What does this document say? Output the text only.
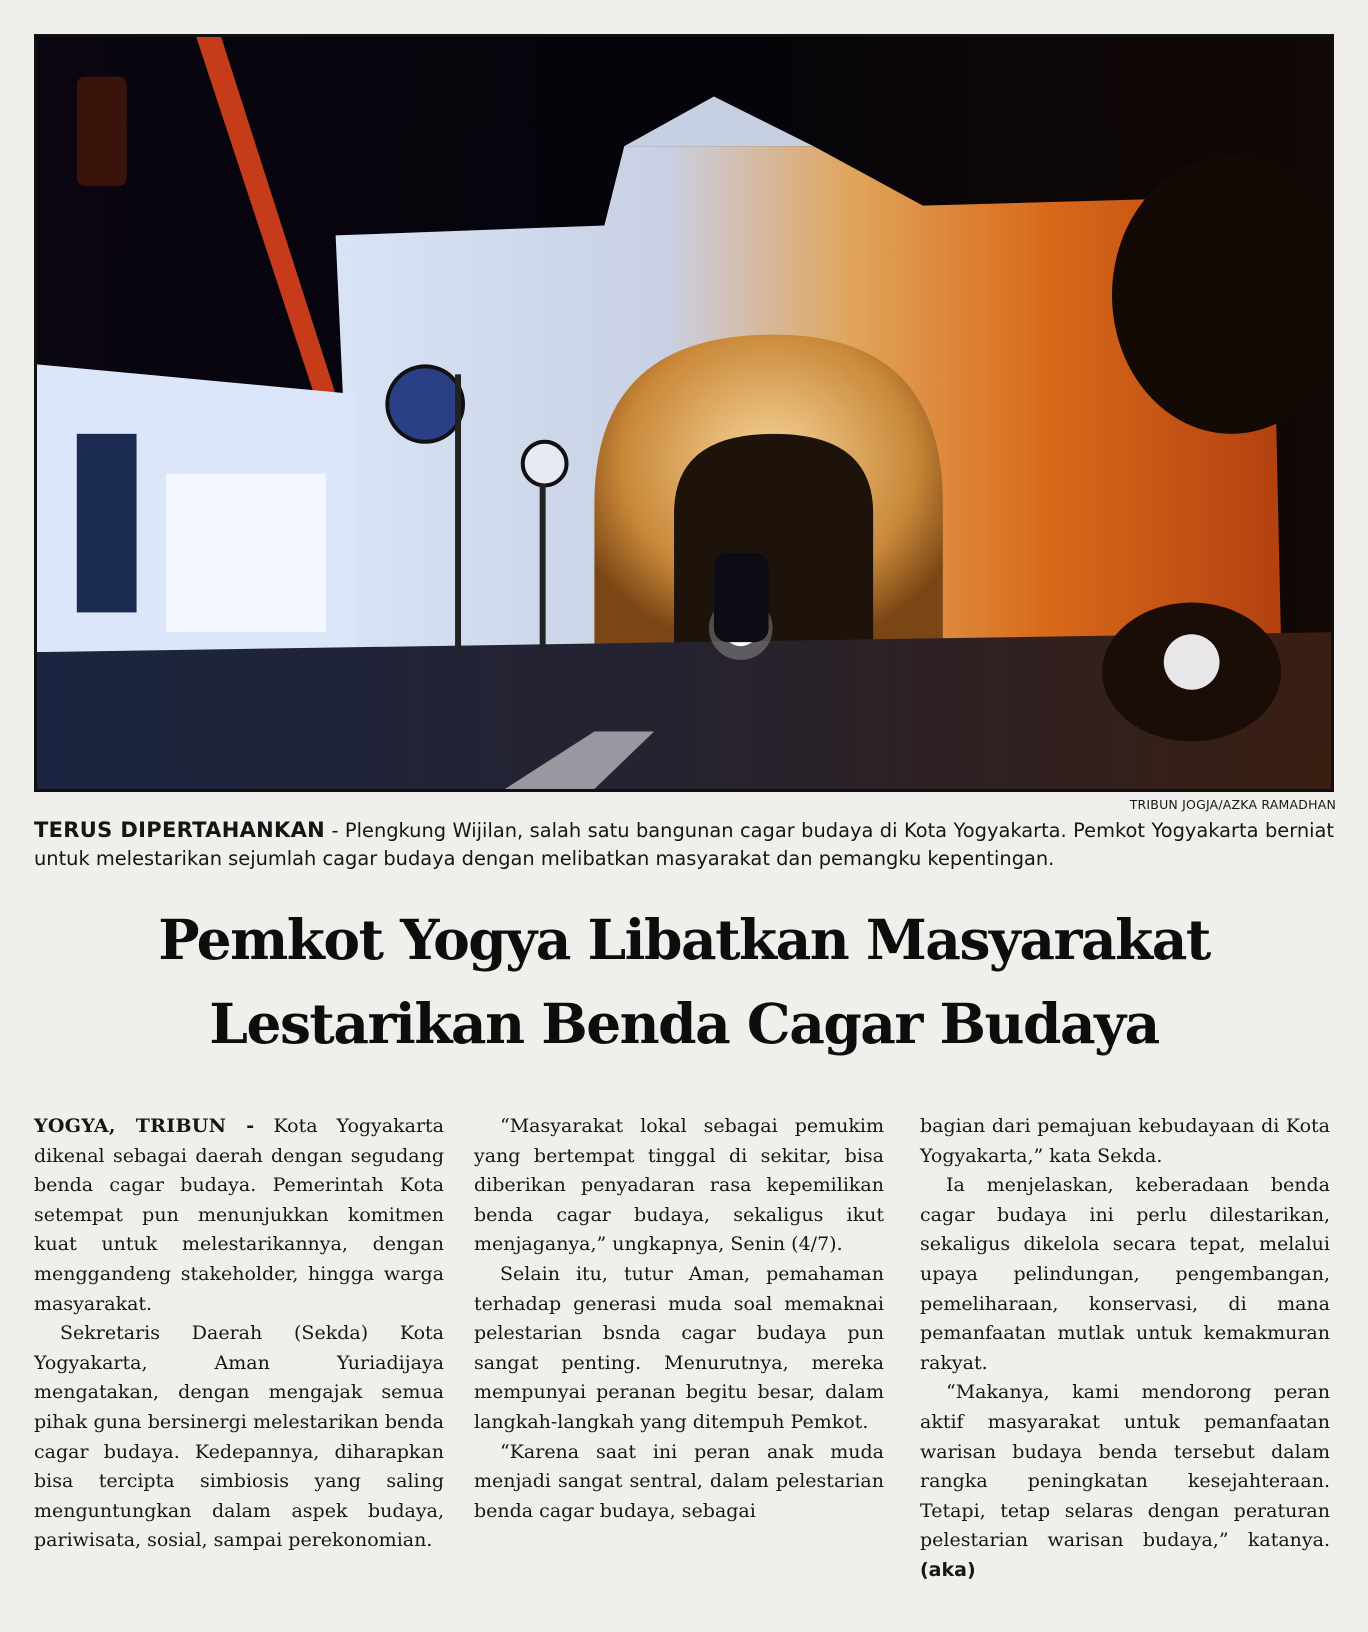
TRIBUN JOGJA/AZKA RAMADHAN
TERUS DIPERTAHANKAN - Plengkung Wijilan, salah satu bangunan cagar budaya di Kota Yogyakarta. Pemkot Yogyakarta berniat untuk melestarikan sejumlah cagar budaya dengan melibatkan masyarakat dan pemangku kepentingan.
Pemkot Yogya Libatkan Masyarakat
Lestarikan Benda Cagar Budaya

YOGYA, TRIBUN - Kota Yogyakarta dikenal sebagai daerah dengan segudang benda cagar budaya. Pemerintah Kota setempat pun menunjukkan komitmen kuat untuk melestarikannya, dengan menggandeng stakeholder, hingga warga masyarakat.

Sekretaris Daerah (Sekda) Kota Yogyakarta, Aman Yuriadijaya mengatakan, dengan mengajak semua pihak guna bersinergi melestarikan benda cagar budaya. Kedepannya, diharapkan bisa tercipta simbiosis yang saling menguntungkan dalam aspek budaya, pariwisata, sosial, sampai perekonomian.

“Masyarakat lokal sebagai pemukim yang bertempat tinggal di sekitar, bisa diberikan penyadaran rasa kepemilikan benda cagar budaya, sekaligus ikut menjaganya,” ungkapnya, Senin (4/7).

Selain itu, tutur Aman, pemahaman terhadap generasi muda soal memaknai pelestarian bsnda cagar budaya pun sangat penting. Menurutnya, mereka mempunyai peranan begitu besar, dalam langkah-langkah yang ditempuh Pemkot.

“Karena saat ini peran anak muda menjadi sangat sentral, dalam pelestarian benda cagar budaya, sebagai

bagian dari pemajuan kebudayaan di Kota Yogyakarta,” kata Sekda.

Ia menjelaskan, keberadaan benda cagar budaya ini perlu dilestarikan, sekaligus dikelola secara tepat, melalui upaya pelindungan, pengembangan, pemeliharaan, konservasi, di mana pemanfaatan mutlak untuk kemakmuran rakyat.

“Makanya, kami mendorong peran aktif masyarakat untuk pemanfaatan warisan budaya benda tersebut dalam rangka peningkatan kesejahteraan. Tetapi, tetap selaras dengan peraturan pelestarian warisan budaya,” katanya. (aka)
